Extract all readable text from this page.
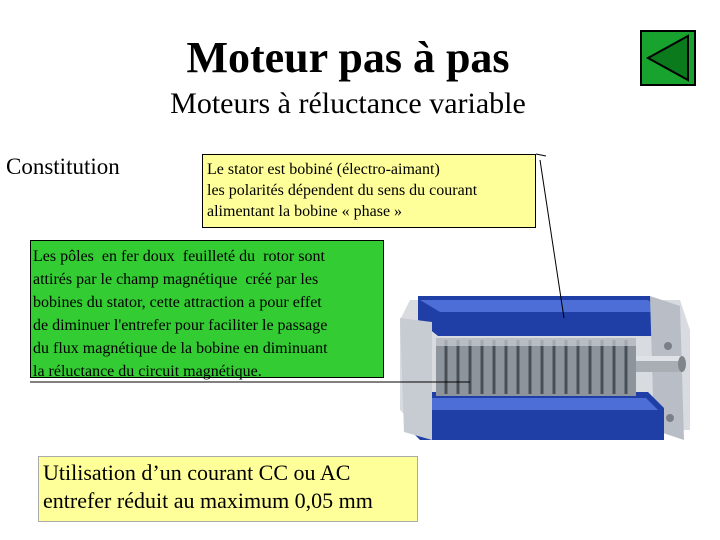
Moteur pas à pas
Moteurs à réluctance variable
Constitution	Le stator est bobiné (électro-aimant)
les polarités dépendent du sens du courant
alimentant la bobine « phase »
Les pôles  en fer doux  feuilleté du  rotor sont
attirés par le champ magnétique  créé par les
bobines du stator, cette attraction a pour effet
de diminuer l'entrefer pour faciliter le passage
du flux magnétique de la bobine en diminuant
la réluctance du circuit magnétique.
Utilisation d’un courant CC ou AC
entrefer réduit au maximum 0,05 mm
